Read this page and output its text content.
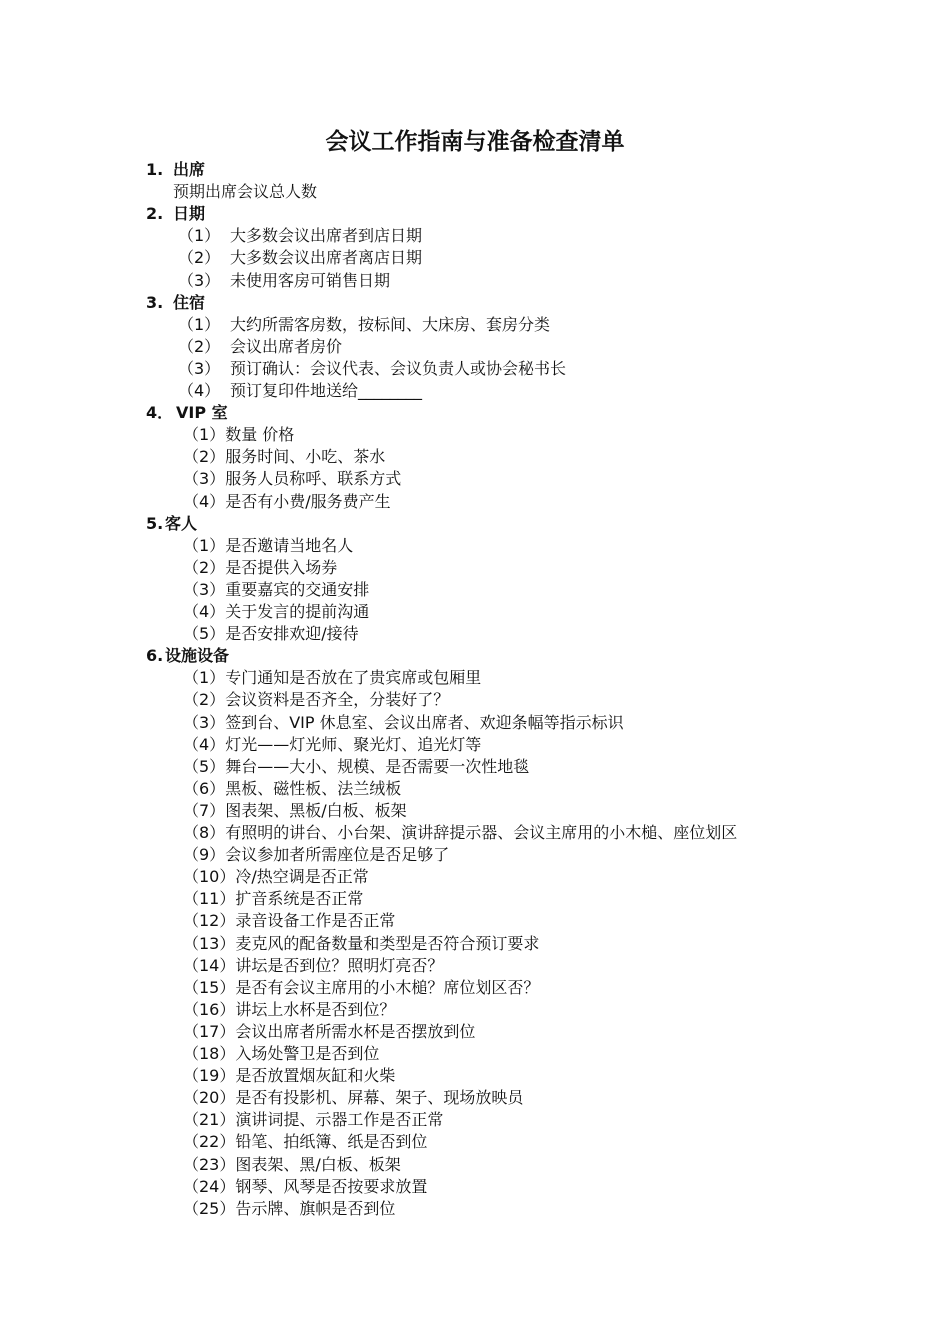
会议工作指南与准备检查清单
1. 出席
预期出席会议总人数
2. 日期
（1） 大多数会议出席者到店日期
（2） 大多数会议出席者离店日期
（3） 未使用客房可销售日期
3. 住宿
（1） 大约所需客房数，按标间、大床房、套房分类
（2） 会议出席者房价
（3） 预订确认：会议代表、会议负责人或协会秘书长
（4） 预订复印件地送给________
4． VIP 室
（1）数量 价格
（2）服务时间、小吃、茶水
（3）服务人员称呼、联系方式
（4）是否有小费/服务费产生
5. 客人
（1）是否邀请当地名人
（2）是否提供入场券
（3）重要嘉宾的交通安排
（4）关于发言的提前沟通
（5）是否安排欢迎/接待
6. 设施设备
（1）专门通知是否放在了贵宾席或包厢里
（2）会议资料是否齐全，分装好了？
（3）签到台、VIP 休息室、会议出席者、欢迎条幅等指示标识
（4）灯光——灯光师、聚光灯、追光灯等
（5）舞台——大小、规模、是否需要一次性地毯
（6）黑板、磁性板、法兰绒板
（7）图表架、黑板/白板、板架
（8）有照明的讲台、小台架、演讲辞提示器、会议主席用的小木槌、座位划区
（9）会议参加者所需座位是否足够了
（10）冷/热空调是否正常
（11）扩音系统是否正常
（12）录音设备工作是否正常
（13）麦克风的配备数量和类型是否符合预订要求
（14）讲坛是否到位？照明灯亮否？
（15）是否有会议主席用的小木槌？席位划区否？
（16）讲坛上水杯是否到位？
（17）会议出席者所需水杯是否摆放到位
（18）入场处警卫是否到位
（19）是否放置烟灰缸和火柴
（20）是否有投影机、屏幕、架子、现场放映员
（21）演讲词提、示器工作是否正常
（22）铅笔、拍纸簿、纸是否到位
（23）图表架、黑/白板、板架
（24）钢琴、风琴是否按要求放置
（25）告示牌、旗帜是否到位
